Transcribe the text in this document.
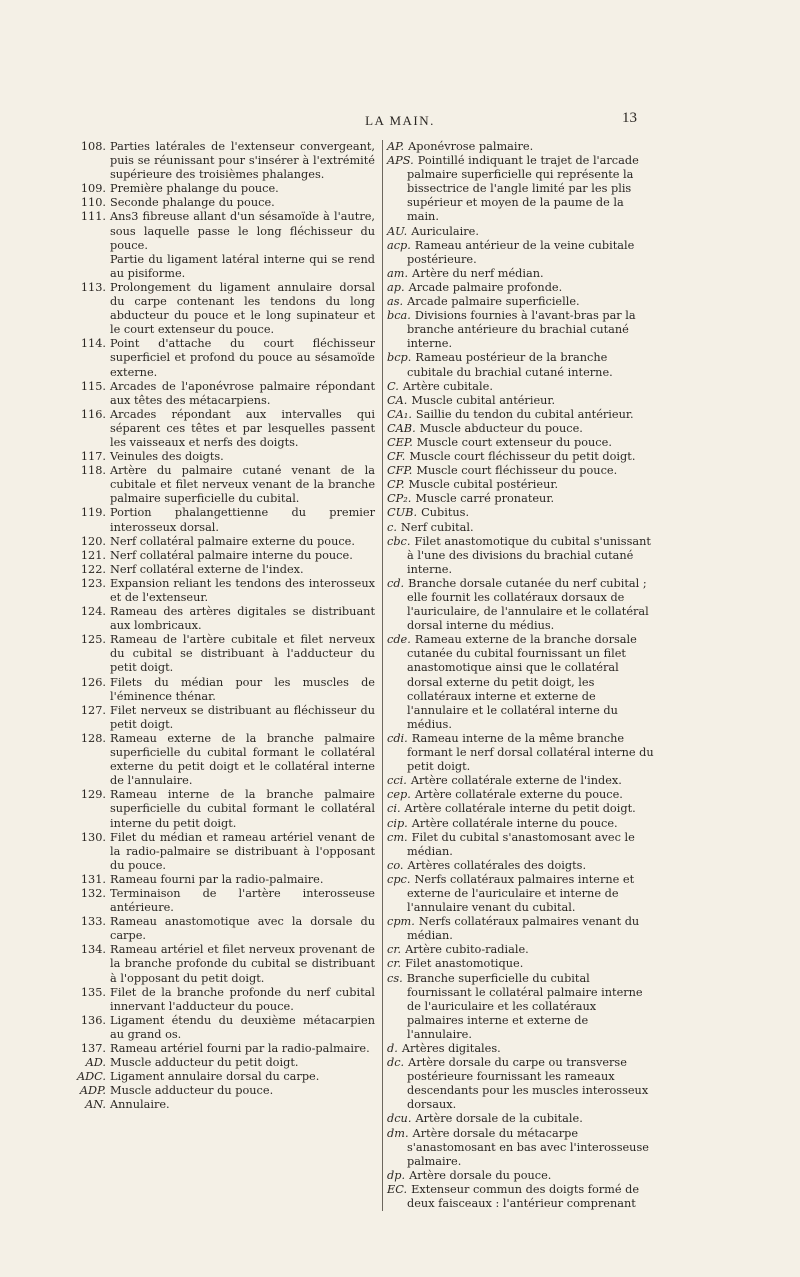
LA MAIN.	13
108. Parties latérales de l'extenseur convergeant, puis se réunissant pour s'insérer à l'extrémité supérieure des troisièmes phalanges.
109. Première phalange du pouce.
110. Seconde phalange du pouce.
111. Ans3 fibreuse allant d'un sésamoïde à l'autre, sous laquelle passe le long fléchisseur du pouce.
Partie du ligament latéral interne qui se rend au pisiforme.
113. Prolongement du ligament annulaire dorsal du carpe contenant les tendons du long abducteur du pouce et le long supinateur et le court extenseur du pouce.
114. Point d'attache du court fléchisseur superficiel et profond du pouce au sésamoïde externe.
115. Arcades de l'aponévrose palmaire répondant aux têtes des métacarpiens.
116. Arcades répondant aux intervalles qui séparent ces têtes et par lesquelles passent les vaisseaux et nerfs des doigts.
117. Veinules des doigts.
118. Artère du palmaire cutané venant de la cubitale et filet nerveux venant de la branche palmaire superficielle du cubital.
119. Portion phalangettienne du premier interosseux dorsal.
120. Nerf collatéral palmaire externe du pouce.
121. Nerf collatéral palmaire interne du pouce.
122. Nerf collatéral externe de l'index.
123. Expansion reliant les tendons des interosseux et de l'extenseur.
124. Rameau des artères digitales se distribuant aux lombricaux.
125. Rameau de l'artère cubitale et filet nerveux du cubital se distribuant à l'adducteur du petit doigt.
126. Filets du médian pour les muscles de l'éminence thénar.
127. Filet nerveux se distribuant au fléchisseur du petit doigt.
128. Rameau externe de la branche palmaire superficielle du cubital formant le collatéral externe du petit doigt et le collatéral interne de l'annulaire.
129. Rameau interne de la branche palmaire superficielle du cubital formant le collatéral interne du petit doigt.
130. Filet du médian et rameau artériel venant de la radio-palmaire se distribuant à l'opposant du pouce.
131. Rameau fourni par la radio-palmaire.
132. Terminaison de l'artère interosseuse antérieure.
133. Rameau anastomotique avec la dorsale du carpe.
134. Rameau artériel et filet nerveux provenant de la branche profonde du cubital se distribuant à l'opposant du petit doigt.
135. Filet de la branche profonde du nerf cubital innervant l'adducteur du pouce.
136. Ligament étendu du deuxième métacarpien au grand os.
137. Rameau artériel fourni par la radio-palmaire.
AD. Muscle adducteur du petit doigt.
ADC. Ligament annulaire dorsal du carpe.
ADP. Muscle adducteur du pouce.
AN. Annulaire.
AP. Aponévrose palmaire.
APS. Pointillé indiquant le trajet de l'arcade palmaire superficielle qui représente la bissectrice de l'angle limité par les plis supérieur et moyen de la paume de la main.
AU. Auriculaire.
acp. Rameau antérieur de la veine cubitale postérieure.
am. Artère du nerf médian.
ap. Arcade palmaire profonde.
as. Arcade palmaire superficielle.
bca. Divisions fournies à l'avant-bras par la branche antérieure du brachial cutané interne.
bcp. Rameau postérieur de la branche cubitale du brachial cutané interne.
C. Artère cubitale.
CA. Muscle cubital antérieur.
CA₁. Saillie du tendon du cubital antérieur.
CAB. Muscle abducteur du pouce.
CEP. Muscle court extenseur du pouce.
CF. Muscle court fléchisseur du petit doigt.
CFP. Muscle court fléchisseur du pouce.
CP. Muscle cubital postérieur.
CP₂. Muscle carré pronateur.
CUB. Cubitus.
c. Nerf cubital.
cbc. Filet anastomotique du cubital s'unissant à l'une des divisions du brachial cutané interne.
cd. Branche dorsale cutanée du nerf cubital ; elle fournit les collatéraux dorsaux de l'auriculaire, de l'annulaire et le collatéral dorsal interne du médius.
cde. Rameau externe de la branche dorsale cutanée du cubital fournissant un filet anastomotique ainsi que le collatéral dorsal externe du petit doigt, les collatéraux interne et externe de l'annulaire et le collatéral interne du médius.
cdi. Rameau interne de la même branche formant le nerf dorsal collatéral interne du petit doigt.
cci. Artère collatérale externe de l'index.
cep. Artère collatérale externe du pouce.
ci. Artère collatérale interne du petit doigt.
cip. Artère collatérale interne du pouce.
cm. Filet du cubital s'anastomosant avec le médian.
co. Artères collatérales des doigts.
cpc. Nerfs collatéraux palmaires interne et externe de l'auriculaire et interne de l'annulaire venant du cubital.
cpm. Nerfs collatéraux palmaires venant du médian.
cr. Artère cubito-radiale.
cr. Filet anastomotique.
cs. Branche superficielle du cubital fournissant le collatéral palmaire interne de l'auriculaire et les collatéraux palmaires interne et externe de l'annulaire.
d. Artères digitales.
dc. Artère dorsale du carpe ou transverse postérieure fournissant les rameaux descendants pour les muscles interosseux dorsaux.
dcu. Artère dorsale de la cubitale.
dm. Artère dorsale du métacarpe s'anastomosant en bas avec l'interosseuse palmaire.
dp. Artère dorsale du pouce.
EC. Extenseur commun des doigts formé de deux faisceaux : l'antérieur comprenant
